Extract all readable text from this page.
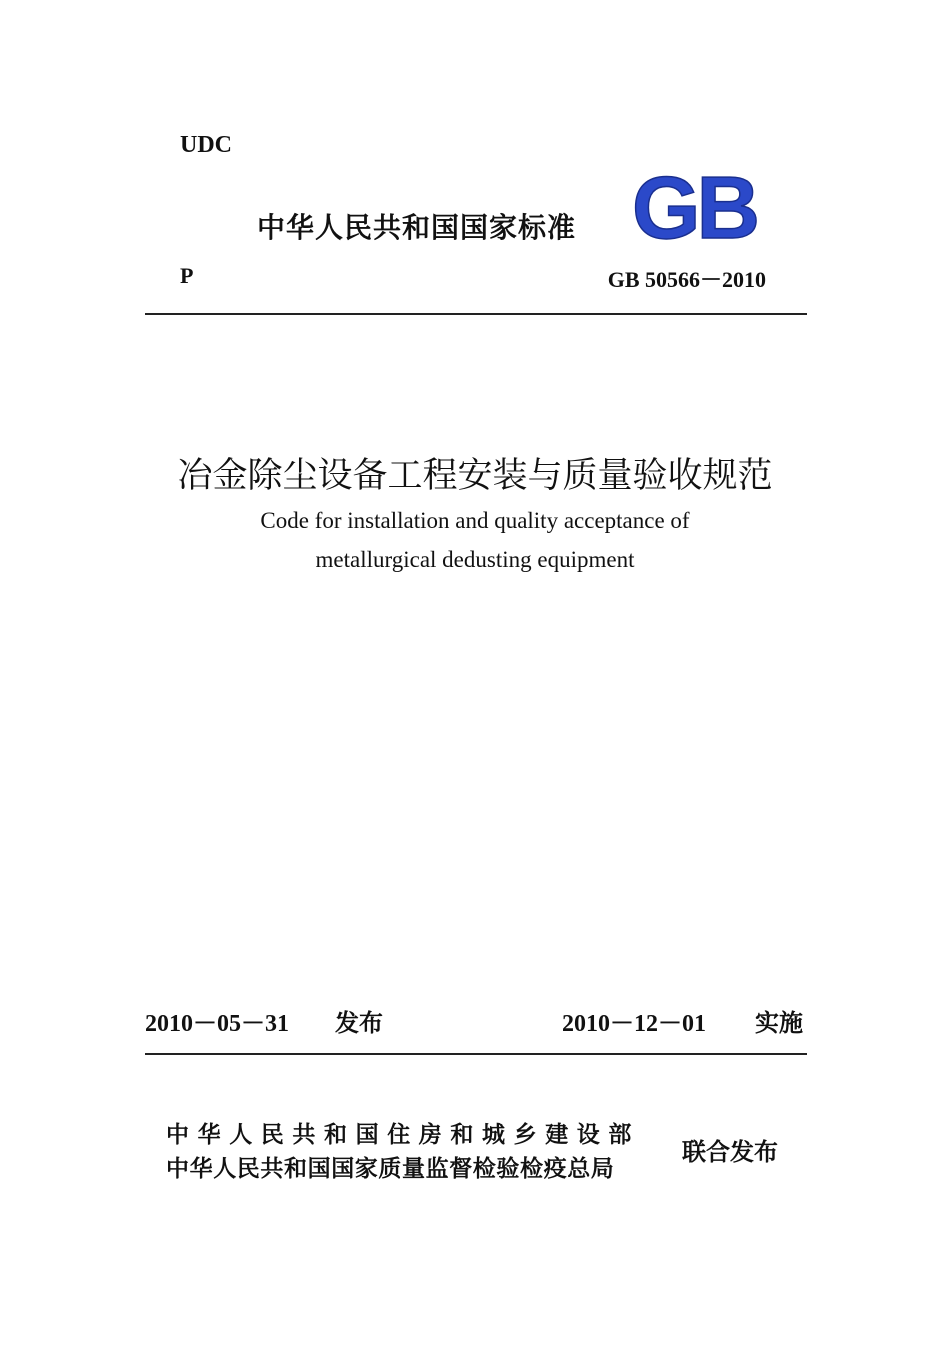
UDC
中华人民共和国国家标准 GB
P	GB 50566－2010
冶金除尘设备工程安装与质量验收规范
Code for installation and quality acceptance of
metallurgical dedusting equipment
2010－05－31 发布	2010－12－01 实施
中华人民共和国住房和城乡建设部
中华人民共和国国家质量监督检验检疫总局
联合发布
